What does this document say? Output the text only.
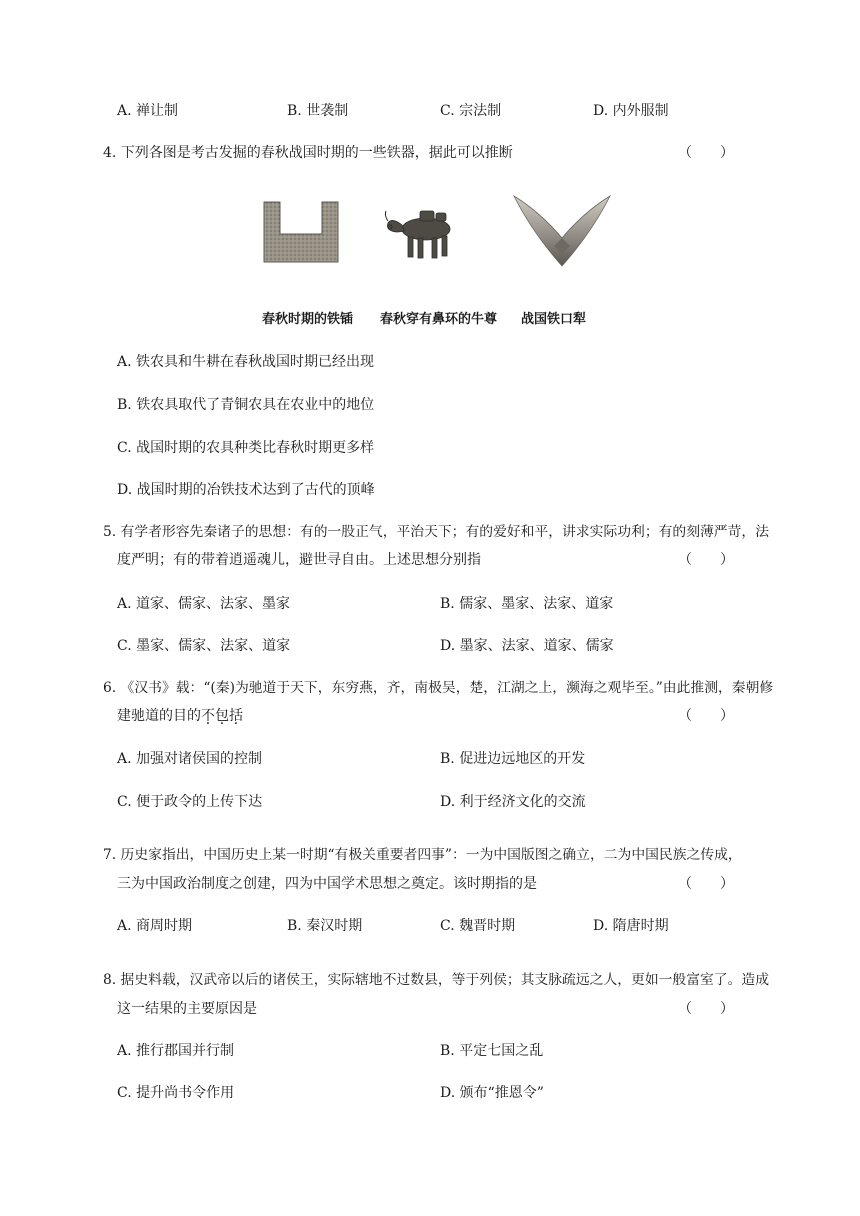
A. 禅让制	B. 世袭制	C. 宗法制	D. 内外服制
4. 下列各图是考古发掘的春秋战国时期的一些铁器，据此可以推断	（　　）
春秋时期的铁锸 春秋穿有鼻环的牛尊 战国铁口犁
A. 铁农具和牛耕在春秋战国时期已经出现
B. 铁农具取代了青铜农具在农业中的地位
C. 战国时期的农具种类比春秋时期更多样
D. 战国时期的冶铁技术达到了古代的顶峰
5. 有学者形容先秦诸子的思想：有的一股正气，平治天下；有的爱好和平，讲求实际功利；有的刻薄严苛，法
度严明；有的带着逍遥魂儿，避世寻自由。上述思想分别指	（　　）
A. 道家、儒家、法家、墨家	B. 儒家、墨家、法家、道家
C. 墨家、儒家、法家、道家	D. 墨家、法家、道家、儒家
6. 《汉书》载：“(秦)为驰道于天下，东穷燕，齐，南极吴，楚，江湖之上，濒海之观毕至。”由此推测，秦朝修
建驰道的目的不包括	（　　）
A. 加强对诸侯国的控制	B. 促进边远地区的开发
C. 便于政令的上传下达	D. 利于经济文化的交流
7. 历史家指出，中国历史上某一时期“有极关重要者四事”：一为中国版图之确立，二为中国民族之传成，
三为中国政治制度之创建，四为中国学术思想之奠定。该时期指的是	（　　）
A. 商周时期	B. 秦汉时期	C. 魏晋时期	D. 隋唐时期
8. 据史料载，汉武帝以后的诸侯王，实际辖地不过数县，等于列侯；其支脉疏远之人，更如一般富室了。造成
这一结果的主要原因是	（　　）
A. 推行郡国并行制	B. 平定七国之乱
C. 提升尚书令作用	D. 颁布“推恩令”
